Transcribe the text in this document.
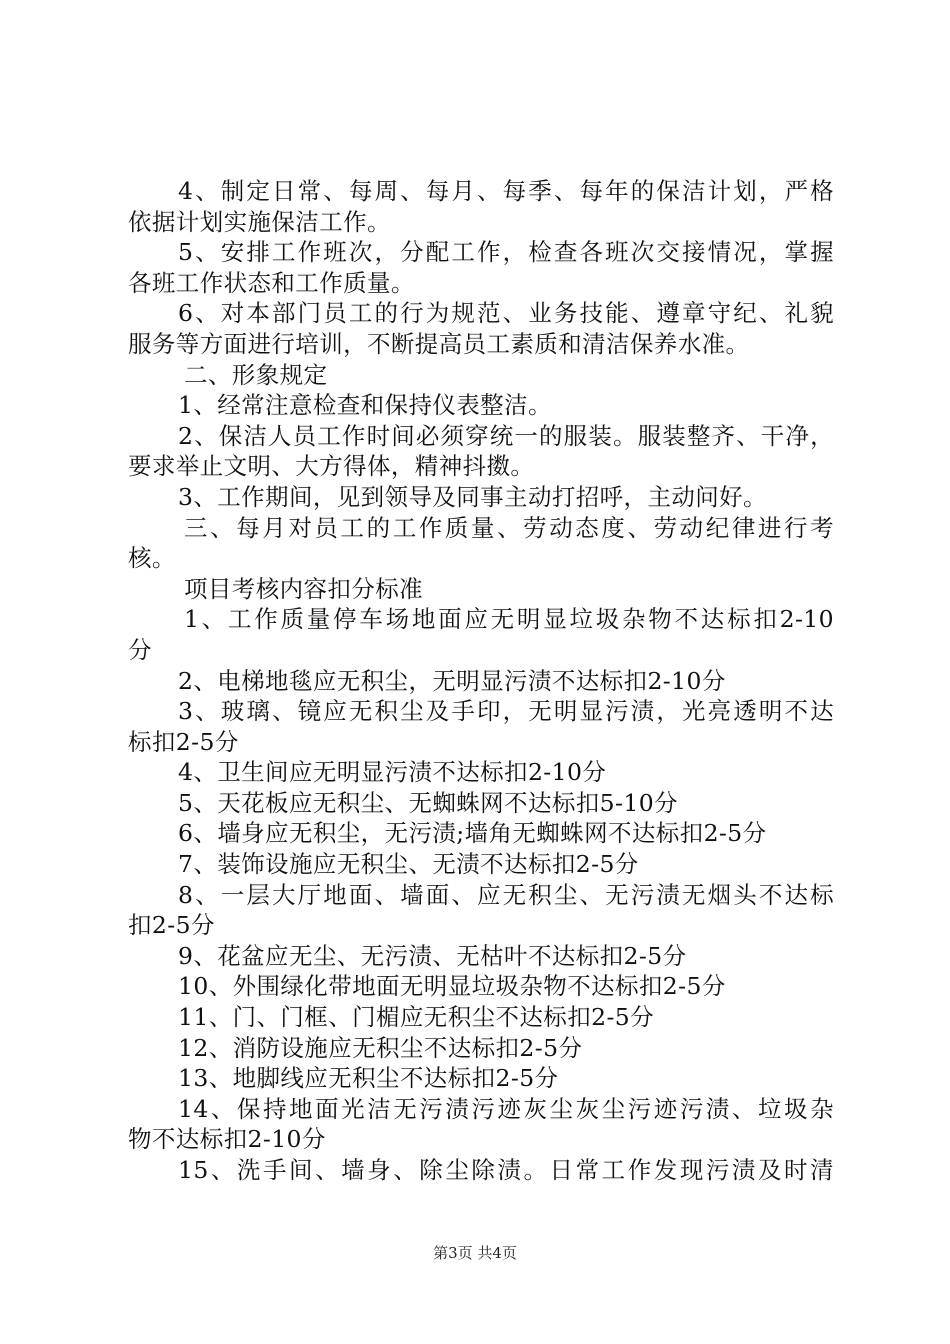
4、制定日常、每周、每月、每季、每年的保洁计划，严格
依据计划实施保洁工作。
5、安排工作班次，分配工作，检查各班次交接情况，掌握
各班工作状态和工作质量。
6、对本部门员工的行为规范、业务技能、遵章守纪、礼貌
服务等方面进行培训，不断提高员工素质和清洁保养水准。
二、形象规定
1、经常注意检查和保持仪表整洁。
2、保洁人员工作时间必须穿统一的服装。服装整齐、干净，
要求举止文明、大方得体，精神抖擞。
3、工作期间，见到领导及同事主动打招呼，主动问好。
三、每月对员工的工作质量、劳动态度、劳动纪律进行考
核。
项目考核内容扣分标准
1、工作质量停车场地面应无明显垃圾杂物不达标扣2-10
分
2、电梯地毯应无积尘，无明显污渍不达标扣2-10分
3、玻璃、镜应无积尘及手印，无明显污渍，光亮透明不达
标扣2-5分
4、卫生间应无明显污渍不达标扣2-10分
5、天花板应无积尘、无蜘蛛网不达标扣5-10分
6、墙身应无积尘，无污渍;墙角无蜘蛛网不达标扣2-5分
7、装饰设施应无积尘、无渍不达标扣2-5分
8、一层大厅地面、墙面、应无积尘、无污渍无烟头不达标
扣2-5分
9、花盆应无尘、无污渍、无枯叶不达标扣2-5分
10、外围绿化带地面无明显垃圾杂物不达标扣2-5分
11、门、门框、门楣应无积尘不达标扣2-5分
12、消防设施应无积尘不达标扣2-5分
13、地脚线应无积尘不达标扣2-5分
14、保持地面光洁无污渍污迹灰尘灰尘污迹污渍、垃圾杂
物不达标扣2-10分
15、洗手间、墙身、除尘除渍。日常工作发现污渍及时清
第3页 共4页
